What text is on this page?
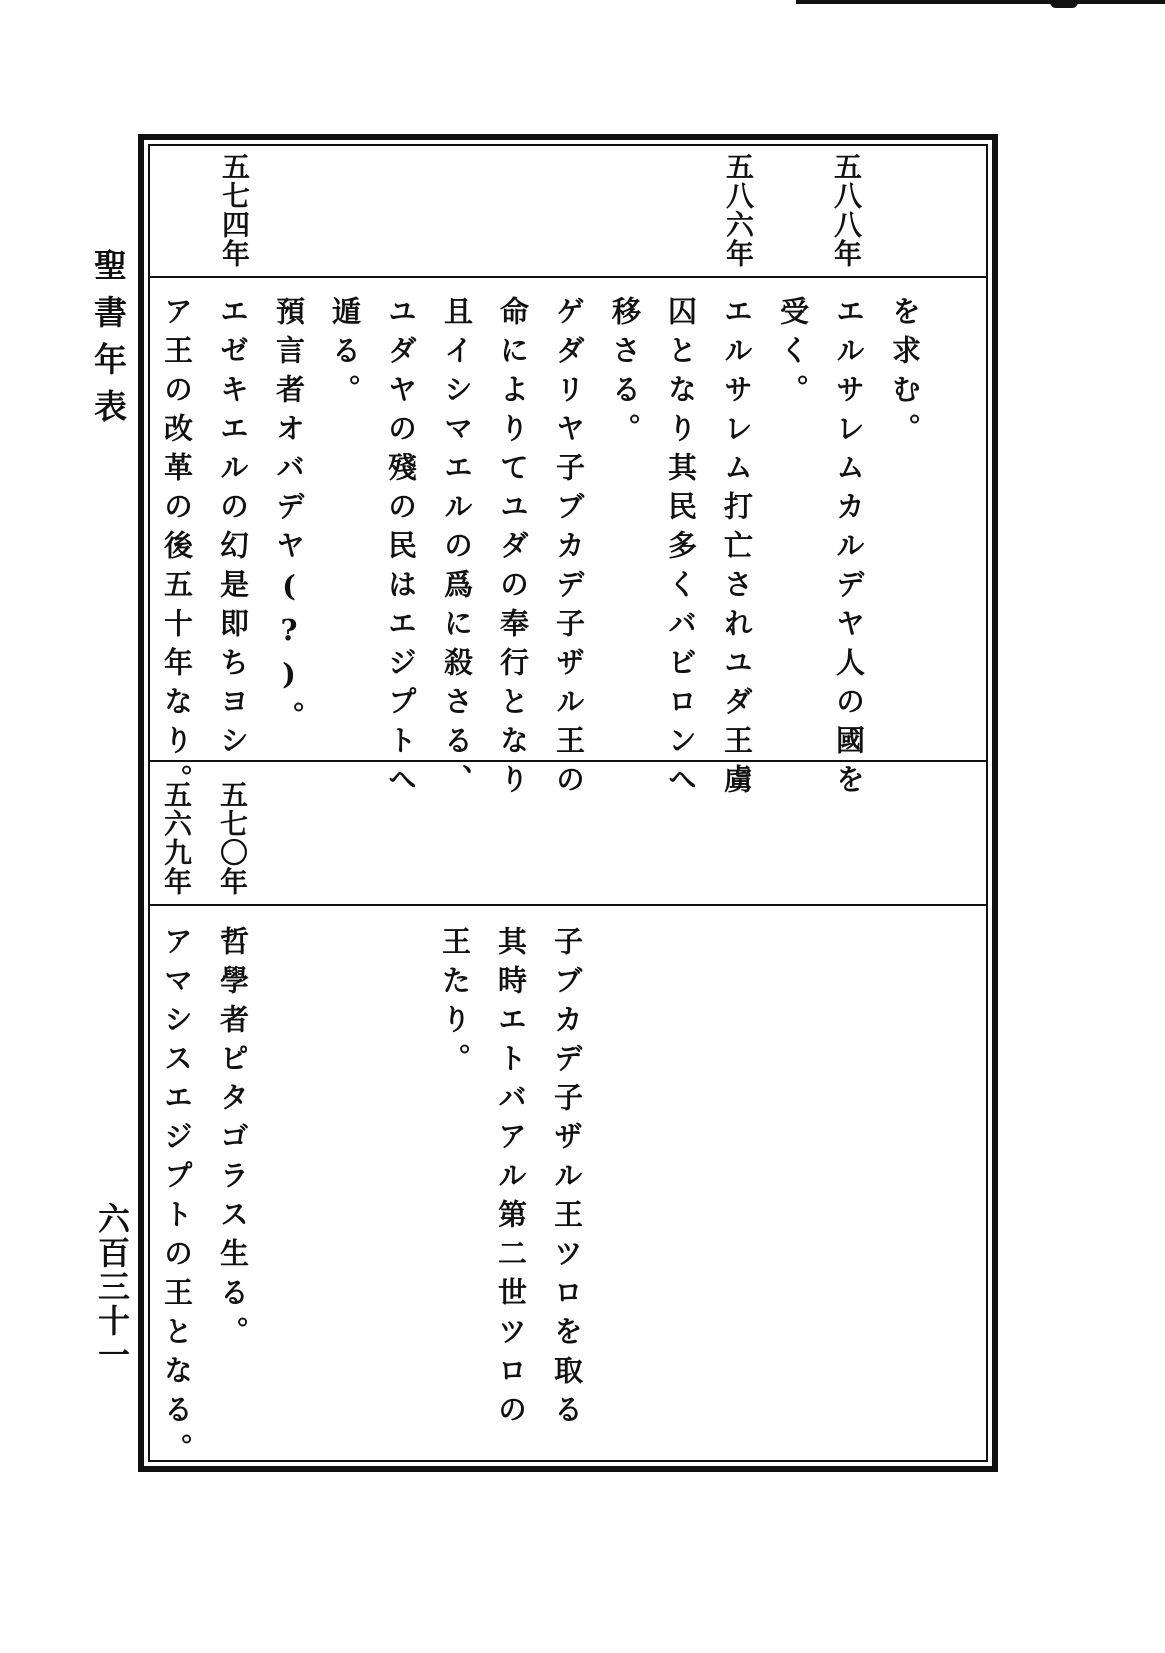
聖書年表
六百三十一
五八八年
五八六年
五七四年
を求む。
エルサレムカルデヤ人の國を
受く。
エルサレム打亡されユダ王虜
囚となり其民多くバビロンへ
移さる。
ゲダリヤ子ブカデ子ザル王の
命によりてユダの奉行となり
且イシマエルの爲に殺さる、
ユダヤの殘の民はエジプトへ
遁る。
預言者オバデヤ(?)。
エゼキエルの幻是即ちヨシ
ア王の改革の後五十年なり。
五七〇年
五六九年
子ブカデ子ザル王ツロを取る
其時エトバアル第二世ツロの
王たり。
哲學者ピタゴラス生る。
アマシスエジプトの王となる。
